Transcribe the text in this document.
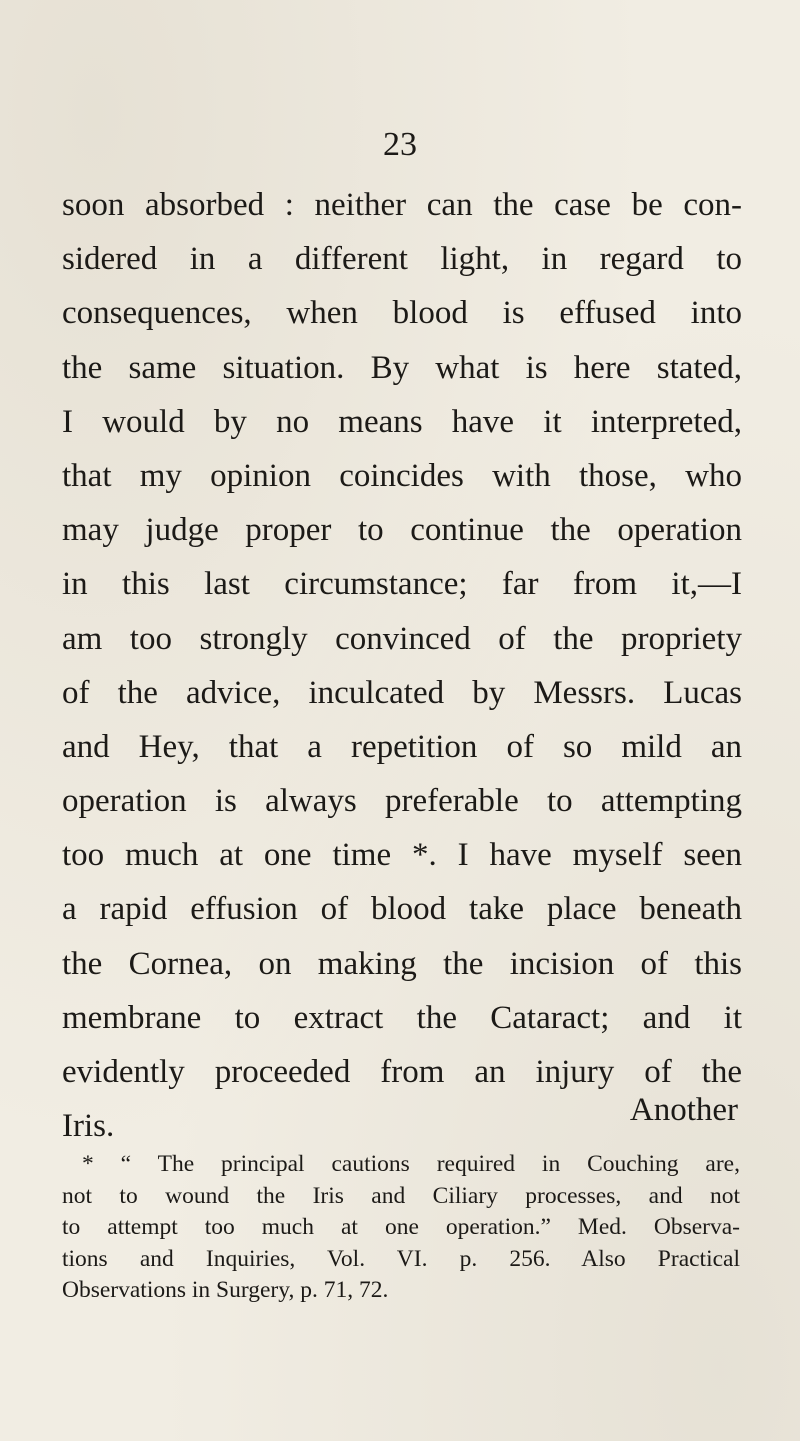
23
soon absorbed : neither can the case be con-
sidered in a different light, in regard to
consequences, when blood is effused into
the same situation. By what is here stated,
I would by no means have it interpreted,
that my opinion coincides with those, who
may judge proper to continue the operation
in this last circumstance; far from it,—I
am too strongly convinced of the propriety
of the advice, inculcated by Messrs. Lucas
and Hey, that a repetition of so mild an
operation is always preferable to attempting
too much at one time *. I have myself seen
a rapid effusion of blood take place beneath
the Cornea, on making the incision of this
membrane to extract the Cataract; and it
evidently proceeded from an injury of the
Iris.	Another
* “ The principal cautions required in Couching are,
not to wound the Iris and Ciliary processes, and not
to attempt too much at one operation.” Med. Observa-
tions and Inquiries, Vol. VI. p. 256. Also Practical
Observations in Surgery, p. 71, 72.
